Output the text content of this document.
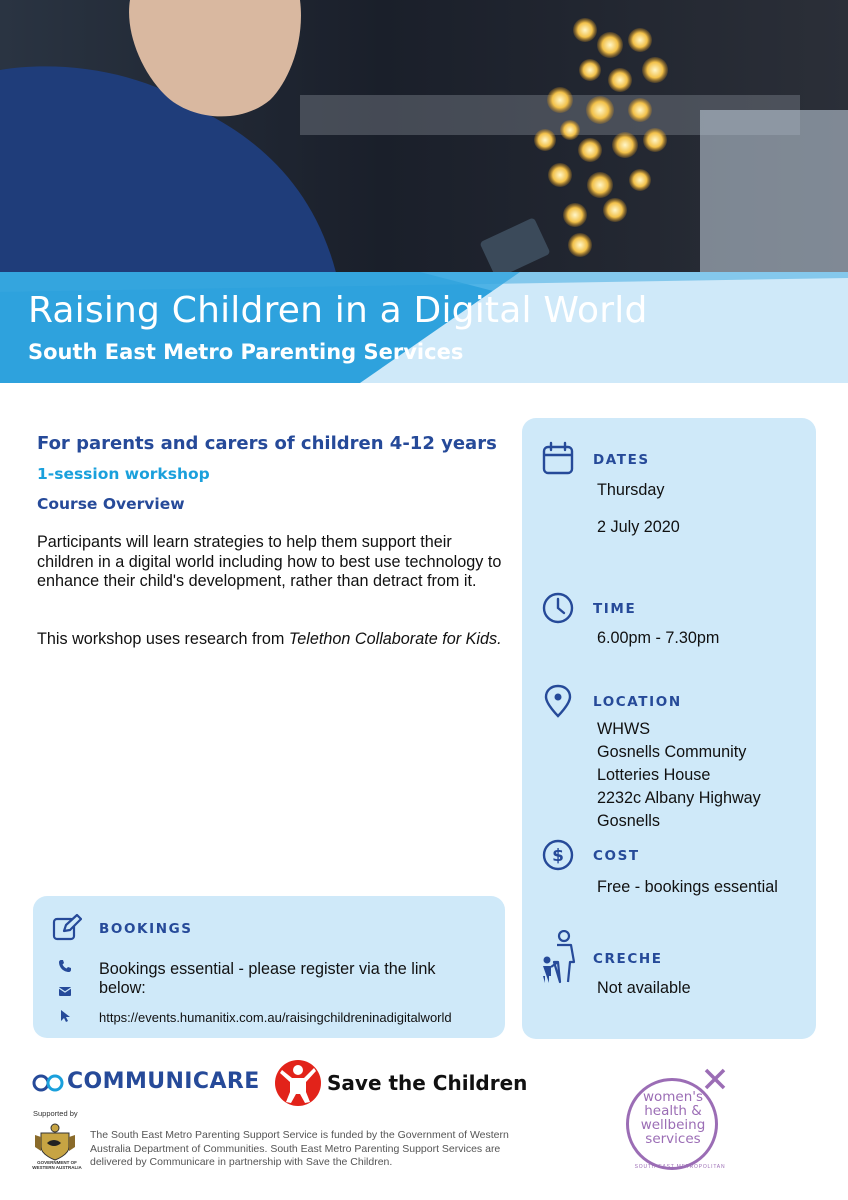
Raising Children in a Digital World
South East Metro Parenting Services
For parents and carers of children 4-12 years
1-session workshop
Course Overview

Participants will learn strategies to help them support their children in a digital world including how to best use technology to enhance their child's development, rather than detract from it.

This workshop uses research from Telethon Collaborate for Kids.

BOOKINGS
Bookings essential - please register via the link below:
https://events.humanitix.com.au/raisingchildreninadigitalworld
DATES
Thursday
2 July 2020
TIME
6.00pm - 7.30pm
LOCATION
WHWS
Gosnells Community
Lotteries House
2232c Albany Highway
Gosnells
$ COST
Free - bookings essential
CRECHE
Not available
COMMUNICARE	Save the Children
Supported by
GOVERNMENT OF WESTERN AUSTRALIA
The South East Metro Parenting Support Service is funded by the Government of Western Australia Department of Communities. South East Metro Parenting Support Services are delivered by Communicare in partnership with Save the Children.
women's health & wellbeing services
SOUTH EAST METROPOLITAN
